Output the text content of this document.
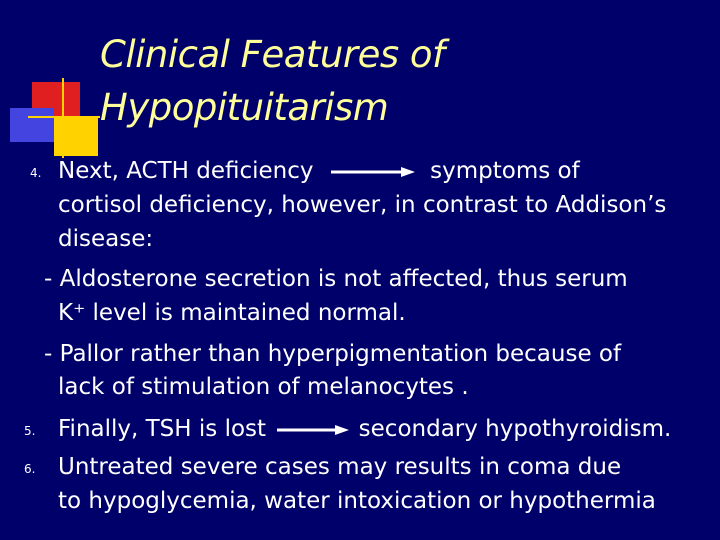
Clinical Features of
Hypopituitarism
4. Next, ACTH deficiency	symptoms of
cortisol deficiency, however, in contrast to Addison’s
disease:
- Aldosterone secretion is not affected, thus serum
K⁺ level is maintained normal.
- Pallor rather than hyperpigmentation because of
lack of stimulation of melanocytes .
5. Finally, TSH is lost	secondary hypothyroidism.
6. Untreated severe cases may results in coma due
to hypoglycemia, water intoxication or hypothermia
